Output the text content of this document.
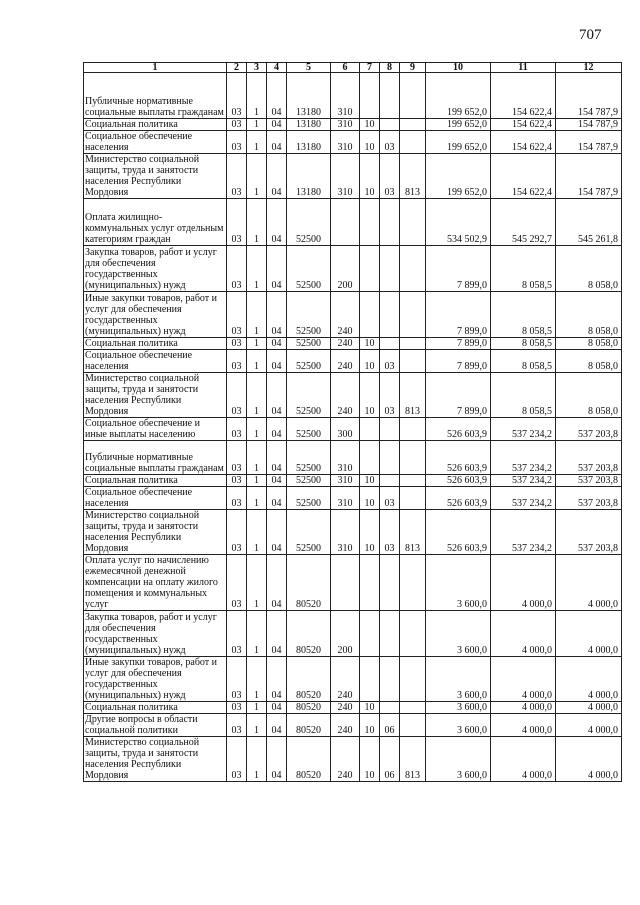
707
1	2	3	4	5	6	7	8	9	10	11	12
Публичные нормативные социальные выплаты гражданам	03	1	04	13180	310				199 652,0	154 622,4	154 787,9
Социальная политика	03	1	04	13180	310	10			199 652,0	154 622,4	154 787,9
Социальное обеспечение населения	03	1	04	13180	310	10	03		199 652,0	154 622,4	154 787,9
Министерство социальной защиты, труда и занятости населения Республики Мордовия	03	1	04	13180	310	10	03	813	199 652,0	154 622,4	154 787,9
Оплата жилищно-коммунальных услуг отдельным категориям граждан	03	1	04	52500					534 502,9	545 292,7	545 261,8
Закупка товаров, работ и услуг для обеспечения государственных (муниципальных) нужд	03	1	04	52500	200				7 899,0	8 058,5	8 058,0
Иные закупки товаров, работ и услуг для обеспечения государственных (муниципальных) нужд	03	1	04	52500	240				7 899,0	8 058,5	8 058,0
Социальная политика	03	1	04	52500	240	10			7 899,0	8 058,5	8 058,0
Социальное обеспечение населения	03	1	04	52500	240	10	03		7 899,0	8 058,5	8 058,0
Министерство социальной защиты, труда и занятости населения Республики Мордовия	03	1	04	52500	240	10	03	813	7 899,0	8 058,5	8 058,0
Социальное обеспечение и иные выплаты населению	03	1	04	52500	300				526 603,9	537 234,2	537 203,8
Публичные нормативные социальные выплаты гражданам	03	1	04	52500	310				526 603,9	537 234,2	537 203,8
Социальная политика	03	1	04	52500	310	10			526 603,9	537 234,2	537 203,8
Социальное обеспечение населения	03	1	04	52500	310	10	03		526 603,9	537 234,2	537 203,8
Министерство социальной защиты, труда и занятости населения Республики Мордовия	03	1	04	52500	310	10	03	813	526 603,9	537 234,2	537 203,8
Оплата услуг по начислению ежемесячной денежной компенсации на оплату жилого помещения и коммунальных услуг	03	1	04	80520					3 600,0	4 000,0	4 000,0
Закупка товаров, работ и услуг для обеспечения государственных (муниципальных) нужд	03	1	04	80520	200				3 600,0	4 000,0	4 000,0
Иные закупки товаров, работ и услуг для обеспечения государственных (муниципальных) нужд	03	1	04	80520	240				3 600,0	4 000,0	4 000,0
Социальная политика	03	1	04	80520	240	10			3 600,0	4 000,0	4 000,0
Другие вопросы в области социальной политики	03	1	04	80520	240	10	06		3 600,0	4 000,0	4 000,0
Министерство социальной защиты, труда и занятости населения Республики Мордовия	03	1	04	80520	240	10	06	813	3 600,0	4 000,0	4 000,0
